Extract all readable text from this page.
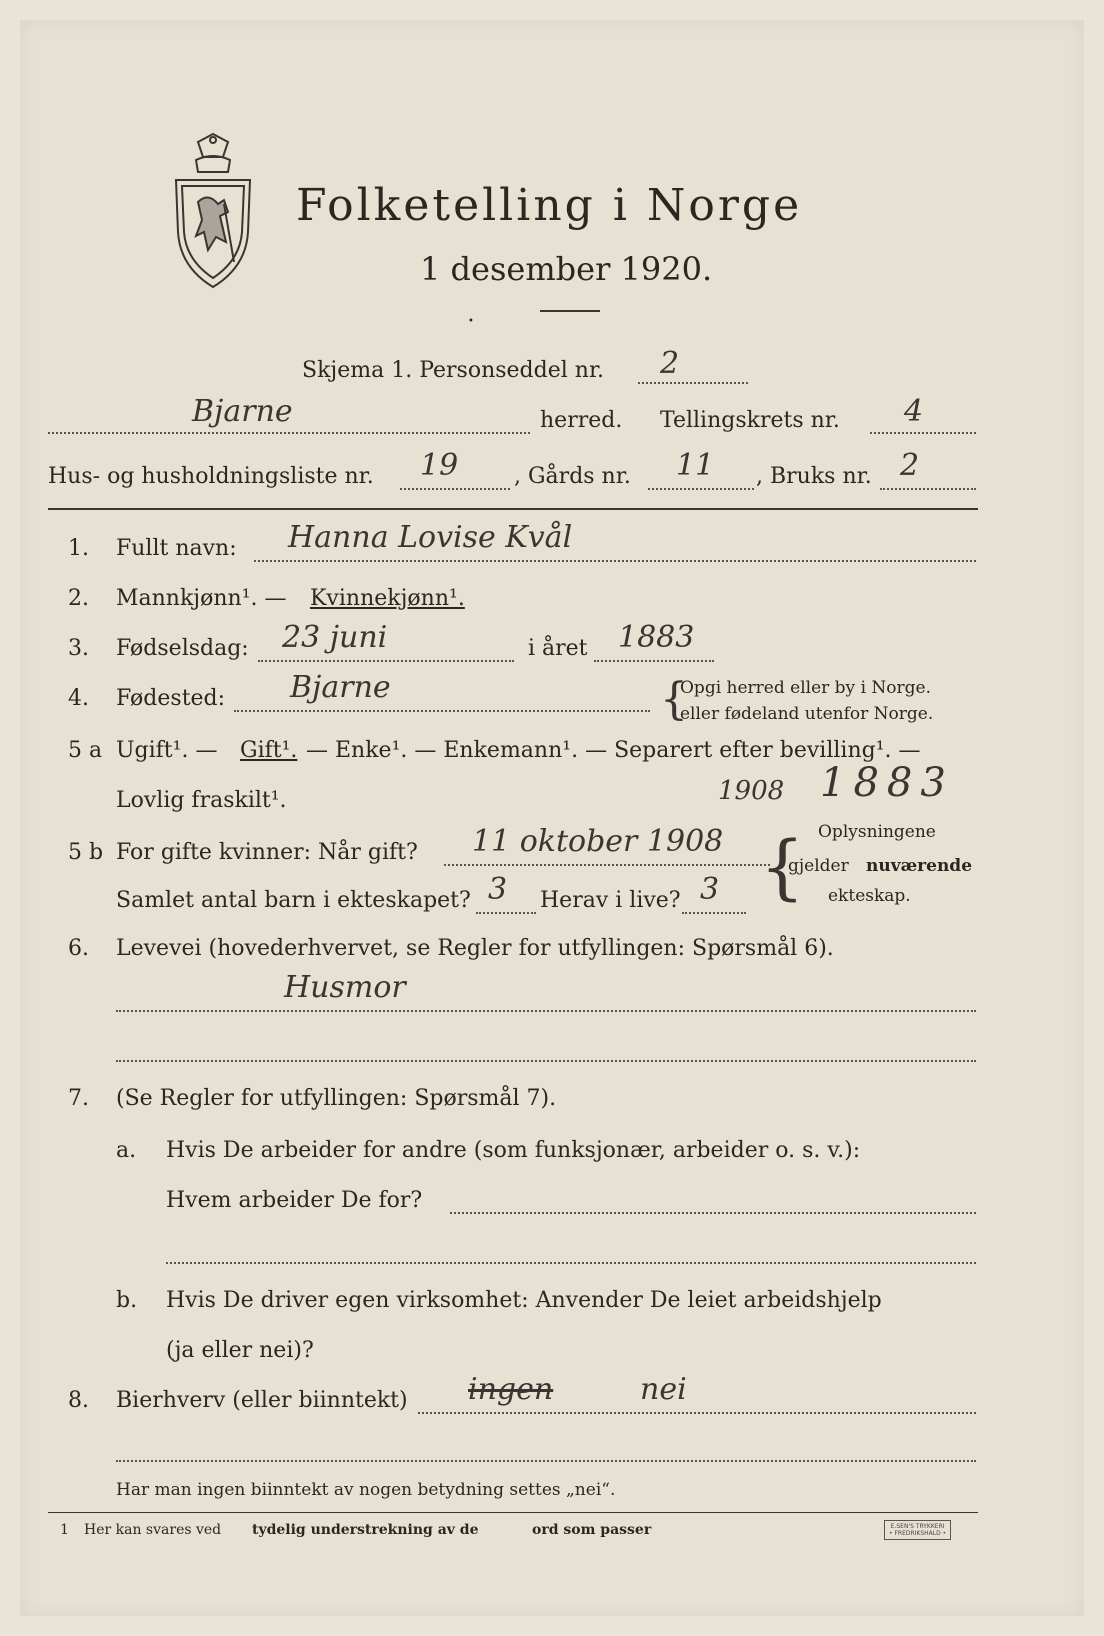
Folketelling i Norge
1 desember 1920.
•
Skjema 1. Personseddel nr. 2
Bjarne	herred. Tellingskrets nr. 4
Hus- og husholdningsliste nr. 19	, Gårds nr. 11 , Bruks nr. 2
1. Fullt navn: Hanna Lovise Kvål
2. Mannkjønn¹. — Kvinnekjønn¹.
3. Fødselsdag: 23 juni	i året 1883
4. Fødested: Bjarne	{
Opgi herred eller by i Norge.
eller fødeland utenfor Norge.
5 a Ugift¹. — Gift¹. — Enke¹. — Enkemann¹. — Separert efter bevilling¹. —
Lovlig fraskilt¹.	1908 1883
5 b For gifte kvinner: Når gift? 11 oktober 1908
Samlet antal barn i ekteskapet? 3 Herav i live? 3 { Oplysningene
gjelder nuværende
ekteskap.
6. Levevei (hovederhvervet, se Regler for utfyllingen: Spørsmål 6).
Husmor
7. (Se Regler for utfyllingen: Spørsmål 7).
a. Hvis De arbeider for andre (som funksjonær, arbeider o. s. v.):
Hvem arbeider De for?
b. Hvis De driver egen virksomhet: Anvender De leiet arbeidshjelp
(ja eller nei)?
8. Bierhverv (eller biinntekt) ingen	nei
Har man ingen biinntekt av nogen betydning settes „nei“.
1 Her kan svares ved tydelig understrekning av de	ord som passer	E.SEN'S TRYKKERI
• FREDRIKSHALD •
